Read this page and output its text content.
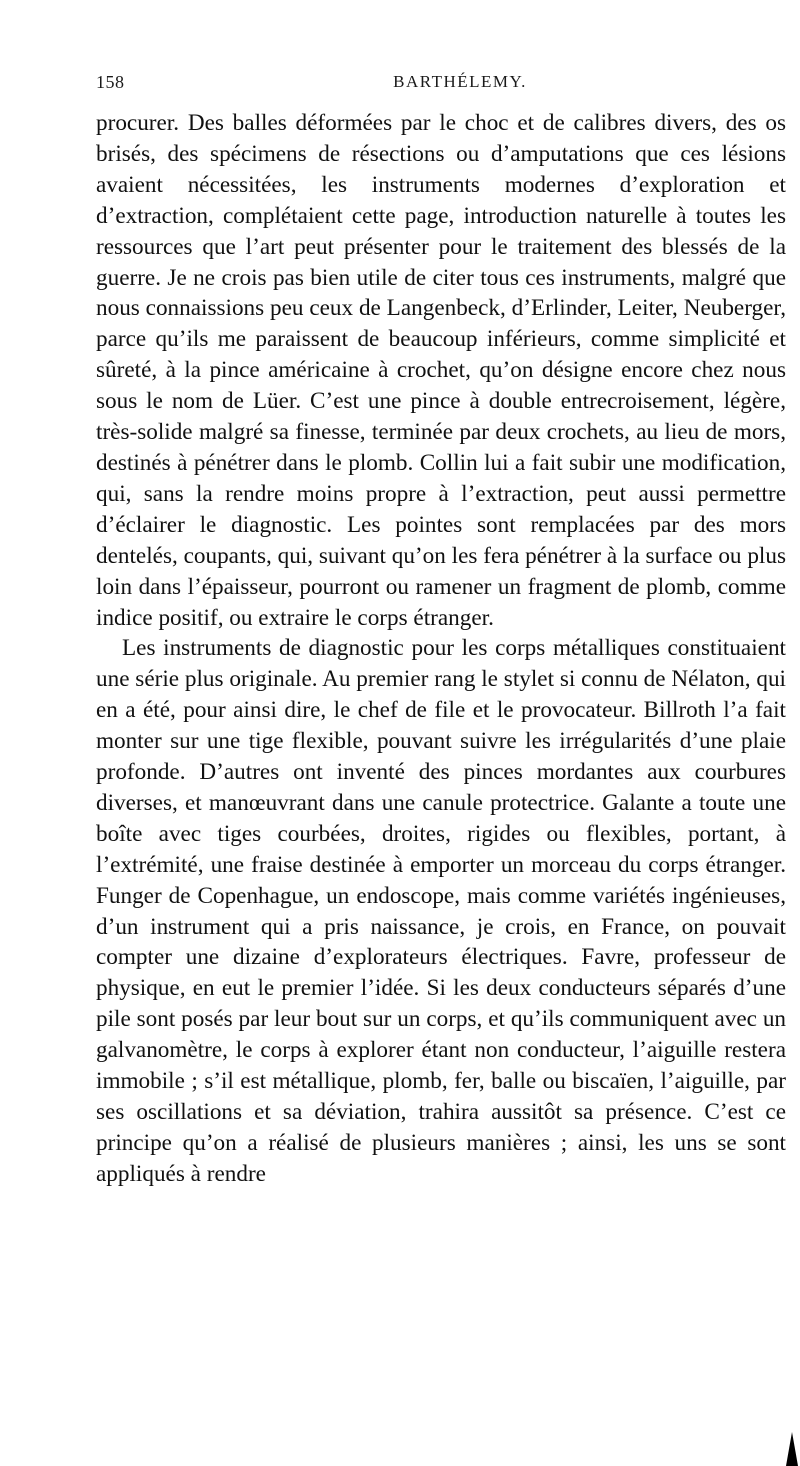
158	BARTHÉLEMY.

procurer. Des balles déformées par le choc et de calibres divers, des os brisés, des spécimens de résections ou d’amputations que ces lésions avaient nécessitées, les instruments modernes d’exploration et d’extraction, complétaient cette page, introduction naturelle à toutes les ressources que l’art peut présenter pour le traitement des blessés de la guerre. Je ne crois pas bien utile de citer tous ces instruments, malgré que nous connaissions peu ceux de Langenbeck, d’Erlinder, Leiter, Neuberger, parce qu’ils me paraissent de beaucoup inférieurs, comme simplicité et sûreté, à la pince américaine à crochet, qu’on désigne encore chez nous sous le nom de Lüer. C’est une pince à double entrecroisement, légère, très-solide malgré sa finesse, terminée par deux crochets, au lieu de mors, destinés à pénétrer dans le plomb. Collin lui a fait subir une modification, qui, sans la rendre moins propre à l’extraction, peut aussi permettre d’éclairer le diagnostic. Les pointes sont remplacées par des mors dentelés, coupants, qui, suivant qu’on les fera pénétrer à la surface ou plus loin dans l’épaisseur, pourront ou ramener un fragment de plomb, comme indice positif, ou extraire le corps étranger.

Les instruments de diagnostic pour les corps métalliques constituaient une série plus originale. Au premier rang le stylet si connu de Nélaton, qui en a été, pour ainsi dire, le chef de file et le provocateur. Billroth l’a fait monter sur une tige flexible, pouvant suivre les irrégularités d’une plaie profonde. D’autres ont inventé des pinces mordantes aux courbures diverses, et manœuvrant dans une canule protectrice. Galante a toute une boîte avec tiges courbées, droites, rigides ou flexibles, portant, à l’extrémité, une fraise destinée à emporter un morceau du corps étranger. Funger de Copenhague, un endoscope, mais comme variétés ingénieuses, d’un instrument qui a pris naissance, je crois, en France, on pouvait compter une dizaine d’explorateurs électriques. Favre, professeur de physique, en eut le premier l’idée. Si les deux conducteurs séparés d’une pile sont posés par leur bout sur un corps, et qu’ils communiquent avec un galvanomètre, le corps à explorer étant non conducteur, l’aiguille restera immobile ; s’il est métallique, plomb, fer, balle ou biscaïen, l’aiguille, par ses oscillations et sa déviation, trahira aussitôt sa présence. C’est ce principe qu’on a réalisé de plusieurs manières ; ainsi, les uns se sont appliqués à rendre
